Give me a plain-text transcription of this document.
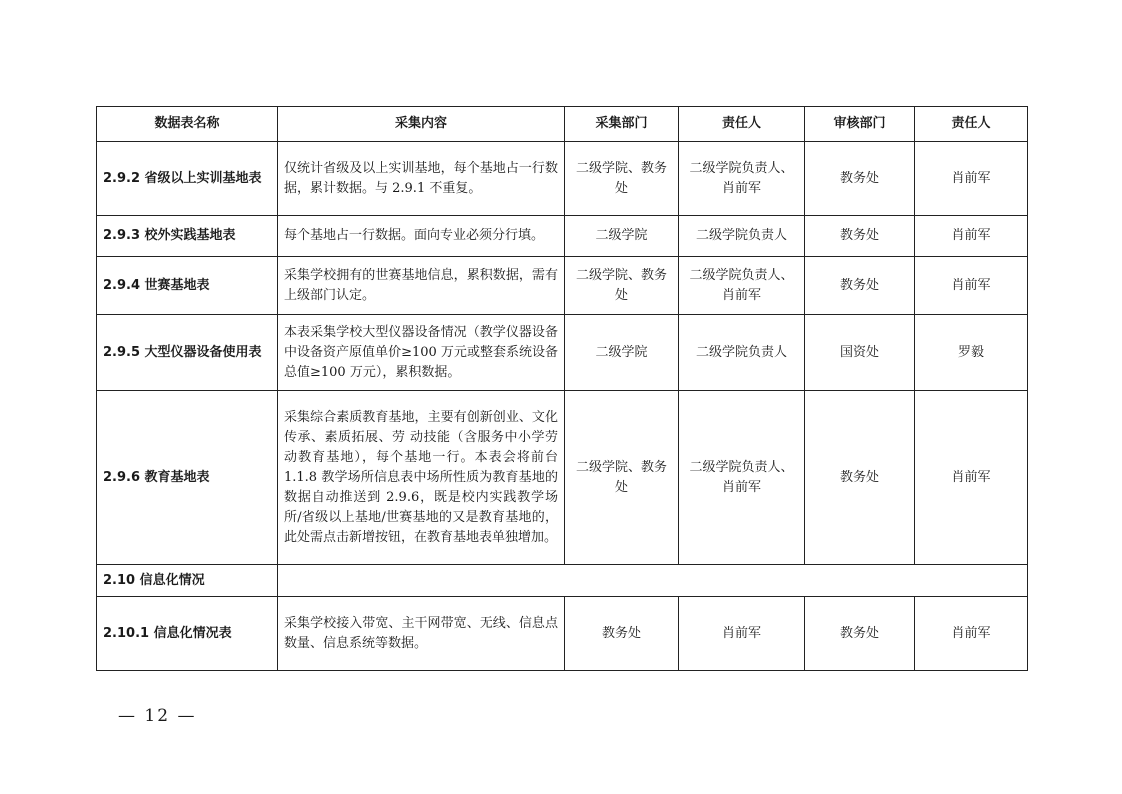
数据表名称	采集内容	采集部门	责任人	审核部门	责任人
2.9.2 省级以上实训基地表	仅统计省级及以上实训基地，每个基地占一行数据，累计数据。与 2.9.1 不重复。	二级学院、教务处	二级学院负责人、肖前军	教务处	肖前军
2.9.3 校外实践基地表	每个基地占一行数据。面向专业必须分行填。	二级学院	二级学院负责人	教务处	肖前军
2.9.4 世赛基地表	采集学校拥有的世赛基地信息，累积数据，需有上级部门认定。	二级学院、教务处	二级学院负责人、肖前军	教务处	肖前军
2.9.5 大型仪器设备使用表	本表采集学校大型仪器设备情况（教学仪器设备中设备资产原值单价≥100 万元或整套系统设备总值≥100 万元），累积数据。	二级学院	二级学院负责人	国资处	罗毅
2.9.6 教育基地表	采集综合素质教育基地，主要有创新创业、文化传承、素质拓展、劳 动技能（含服务中小学劳动教育基地），每个基地一行。本表会将前台 1.1.8 教学场所信息表中场所性质为教育基地的数据自动推送到 2.9.6，既是校内实践教学场所/省级以上基地/世赛基地的又是教育基地的，此处需点击新增按钮，在教育基地表单独增加。	二级学院、教务处	二级学院负责人、肖前军	教务处	肖前军
2.10 信息化情况					
2.10.1 信息化情况表	采集学校接入带宽、主干网带宽、无线、信息点数量、信息系统等数据。	教务处	肖前军	教务处	肖前军
— 12 —
